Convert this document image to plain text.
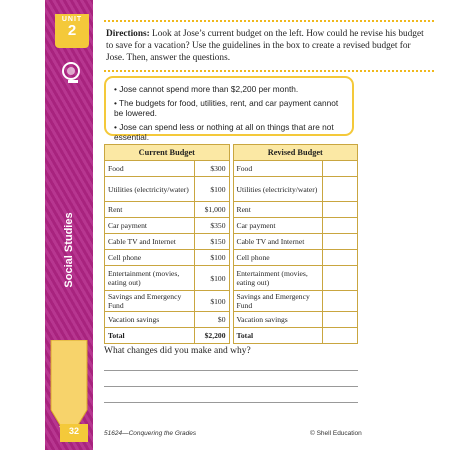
UNIT
2
Social Studies
32
Directions: Look at Jose’s current budget on the left. How could he revise his budget to save for a vacation? Use the guidelines in the box to create a revised budget for Jose. Then, answer the questions.
• Jose cannot spend more than $2,200 per month.
• The budgets for food, utilities, rent, and car payment cannot be lowered.
• Jose can spend less or nothing at all on things that are not essential.
Current Budget			Revised Budget	
Food	$300		Food	
Utilities (electricity/water)	$100		Utilities (electricity/water)	
Rent	$1,000		Rent	
Car payment	$350		Car payment	
Cable TV and Internet	$150		Cable TV and Internet	
Cell phone	$100		Cell phone	
Entertainment (movies, eating out)	$100		Entertainment (movies, eating out)	
Savings and Emergency Fund	$100		Savings and Emergency Fund	
Vacation savings	$0		Vacation savings	
Total	$2,200		Total	
What changes did you make and why?
51624—Conquering the Grades	© Shell Education
